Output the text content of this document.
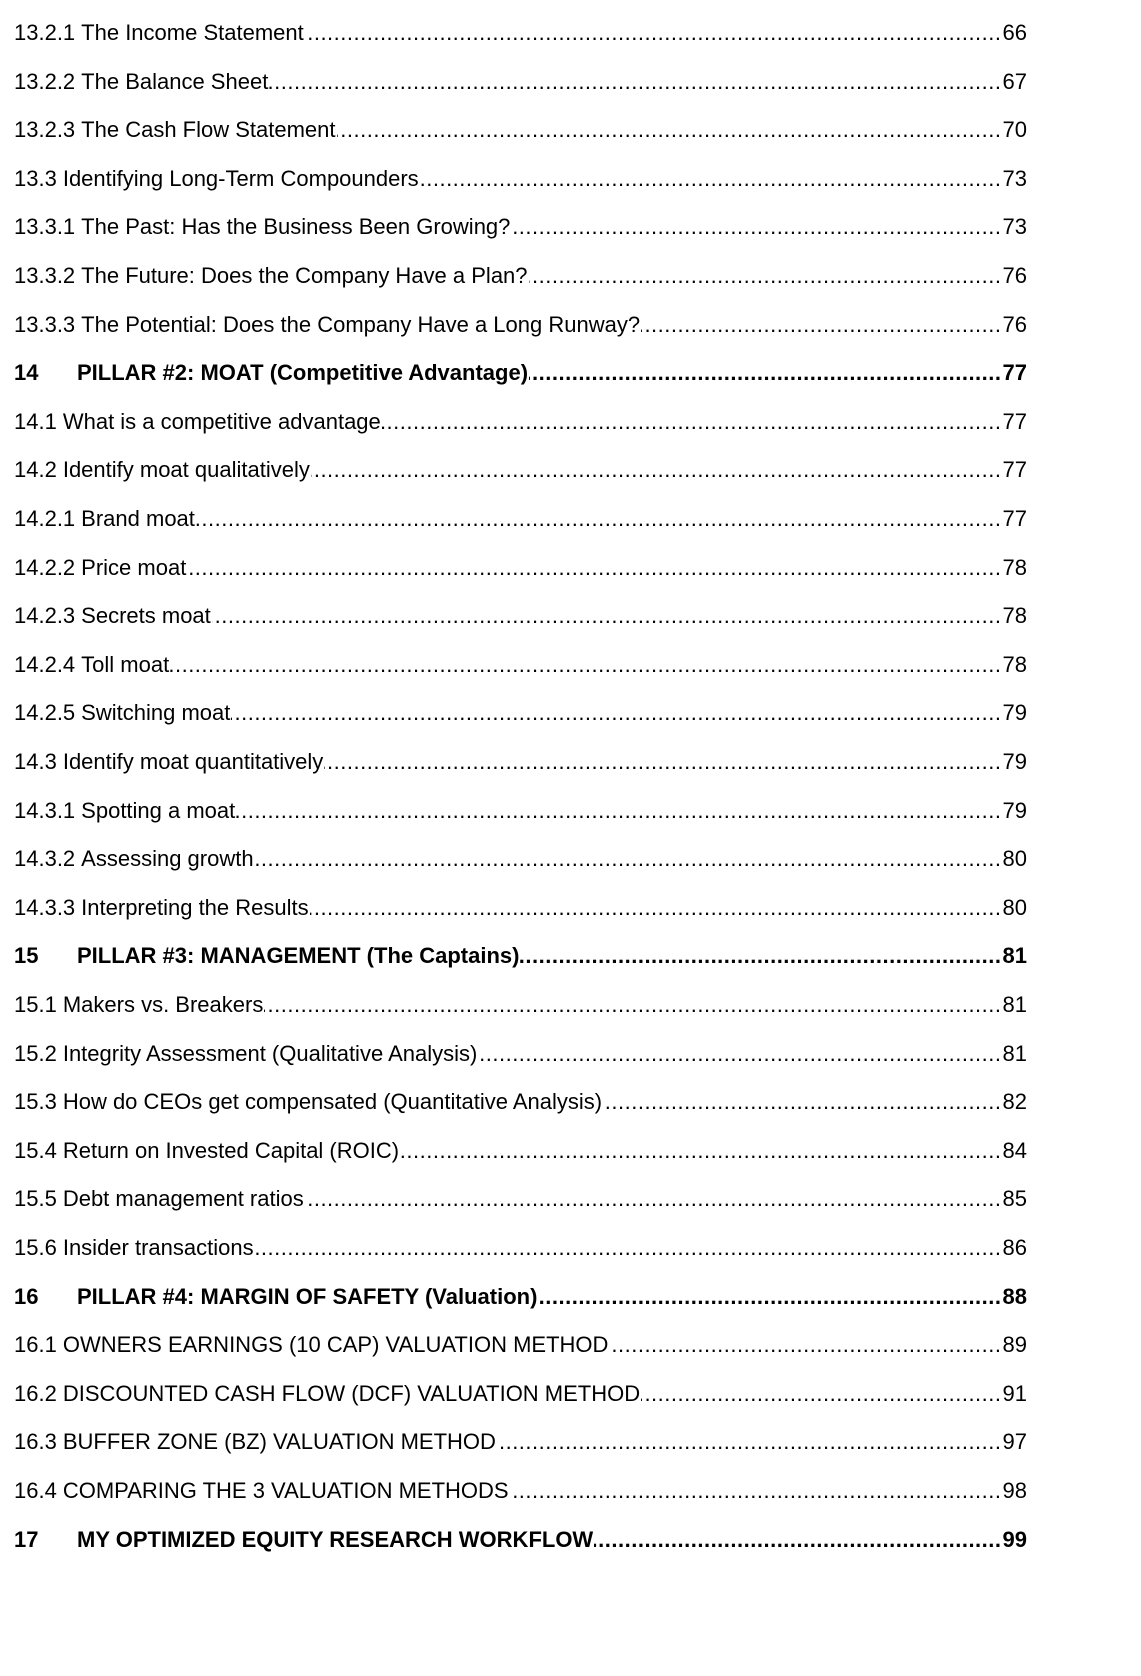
13.2.1 The Income Statement .....	66
13.2.2 The Balance Sheet .....	67
13.2.3 The Cash Flow Statement .....	70
13.3 Identifying Long-Term Compounders .....	73
13.3.1 The Past: Has the Business Been Growing? .....	73
13.3.2 The Future: Does the Company Have a Plan? .....	76
13.3.3 The Potential: Does the Company Have a Long Runway? .....	76
14 PILLAR #2: MOAT (Competitive Advantage) .....	77
14.1 What is a competitive advantage .....	77
14.2 Identify moat qualitatively .....	77
14.2.1 Brand moat .....	77
14.2.2 Price moat .....	78
14.2.3 Secrets moat .....	78
14.2.4 Toll moat .....	78
14.2.5 Switching moat .....	79
14.3 Identify moat quantitatively .....	79
14.3.1 Spotting a moat .....	79
14.3.2 Assessing growth .....	80
14.3.3 Interpreting the Results .....	80
15 PILLAR #3: MANAGEMENT (The Captains) .....	81
15.1 Makers vs. Breakers .....	81
15.2 Integrity Assessment (Qualitative Analysis) .....	81
15.3 How do CEOs get compensated (Quantitative Analysis) .....	82
15.4 Return on Invested Capital (ROIC) .....	84
15.5 Debt management ratios .....	85
15.6 Insider transactions .....	86
16 PILLAR #4: MARGIN OF SAFETY (Valuation) .....	88
16.1 OWNERS EARNINGS (10 CAP) VALUATION METHOD .....	89
16.2 DISCOUNTED CASH FLOW (DCF) VALUATION METHOD .....	91
16.3 BUFFER ZONE (BZ) VALUATION METHOD .....	97
16.4 COMPARING THE 3 VALUATION METHODS .....	98
17 MY OPTIMIZED EQUITY RESEARCH WORKFLOW .....	99
